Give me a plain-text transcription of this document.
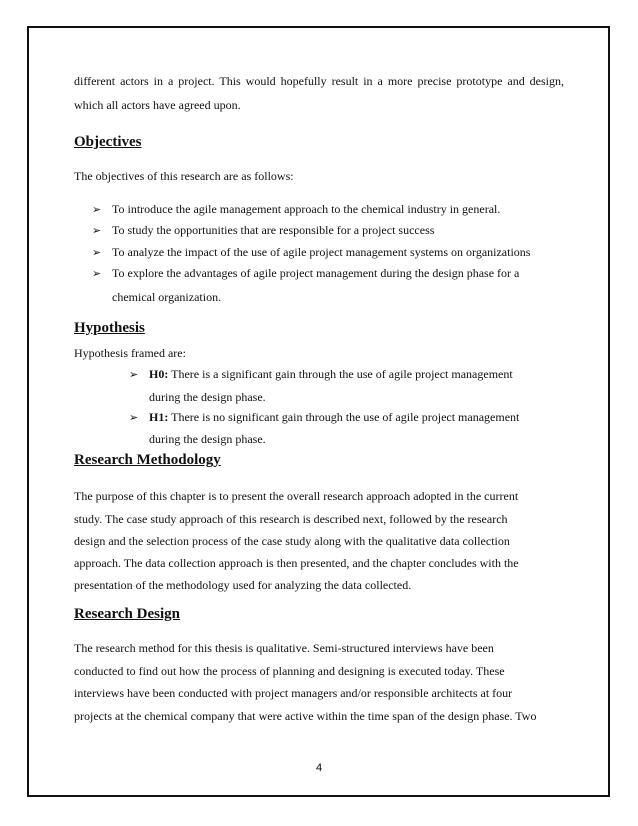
different actors in a project. This would hopefully result in a more precise prototype and design,
which all actors have agreed upon.
Objectives
The objectives of this research are as follows:
➢ To introduce the agile management approach to the chemical industry in general.
➢ To study the opportunities that are responsible for a project success
➢ To analyze the impact of the use of agile project management systems on organizations
➢ To explore the advantages of agile project management during the design phase for a
chemical organization.
Hypothesis
Hypothesis framed are:
➢ H0: There is a significant gain through the use of agile project management
during the design phase.
➢ H1: There is no significant gain through the use of agile project management
during the design phase.
Research Methodology
The purpose of this chapter is to present the overall research approach adopted in the current
study. The case study approach of this research is described next, followed by the research
design and the selection process of the case study along with the qualitative data collection
approach. The data collection approach is then presented, and the chapter concludes with the
presentation of the methodology used for analyzing the data collected.
Research Design
The research method for this thesis is qualitative. Semi-structured interviews have been
conducted to find out how the process of planning and designing is executed today. These
interviews have been conducted with project managers and/or responsible architects at four
projects at the chemical company that were active within the time span of the design phase. Two
4
